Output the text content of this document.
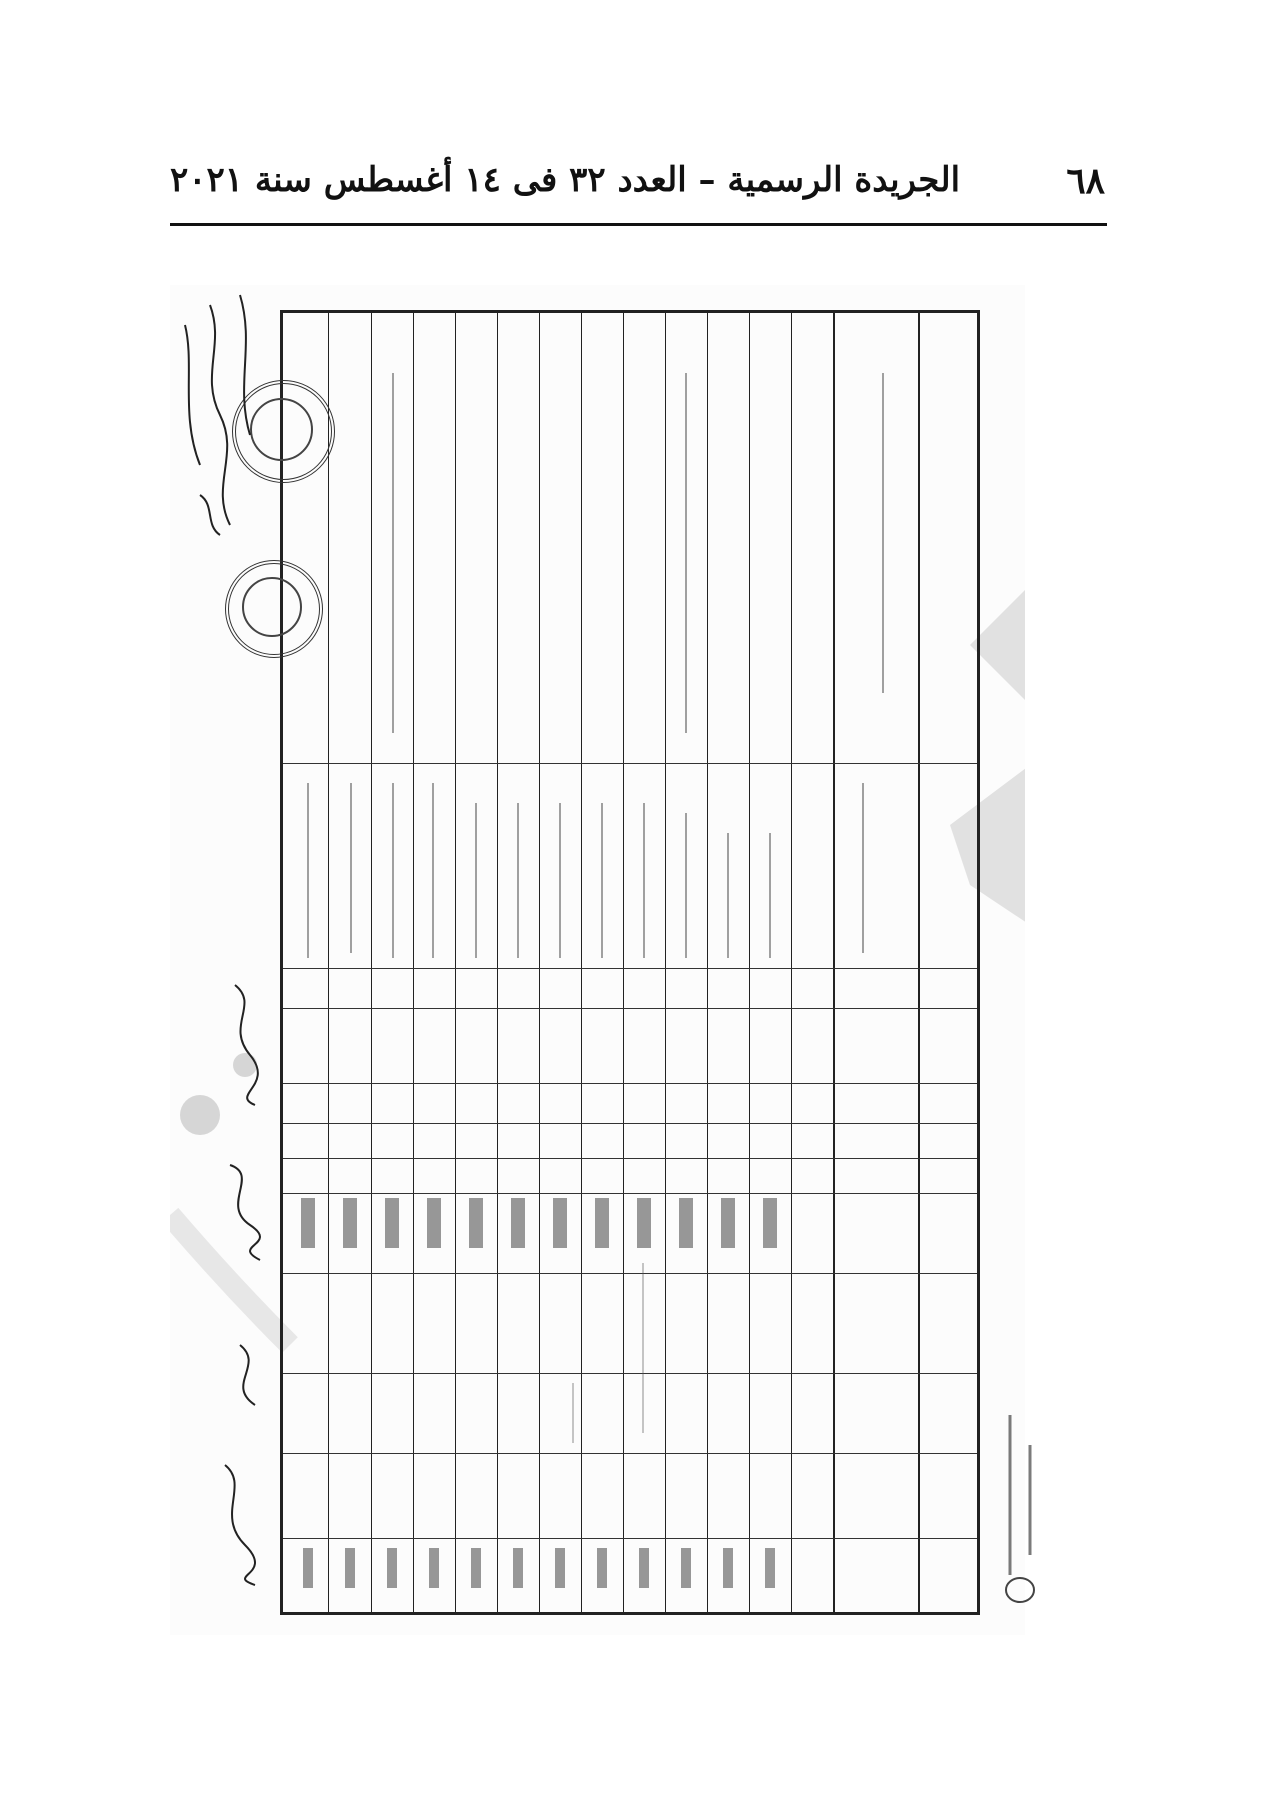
٦٨
الجريدة الرسمية – العدد ٣٢ فى ١٤ أغسطس سنة ٢٠٢١
